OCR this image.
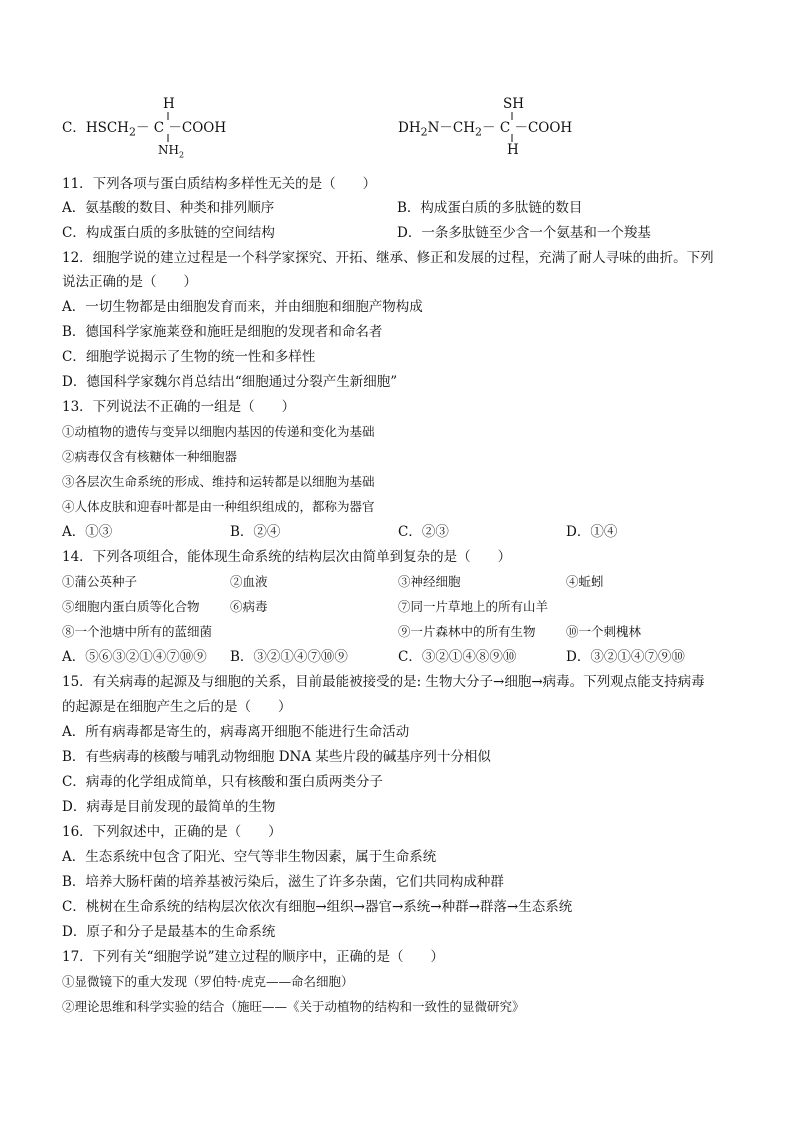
H
C．$HSCH_2- C$ －COOH
$NH_2$
SH
$DH_2N-CH_2- C$ －COOH
H
11．下列各项与蛋白质结构多样性无关的是（　　）
A．氨基酸的数目、种类和排列顺序	B．构成蛋白质的多肽链的数目
C．构成蛋白质的多肽链的空间结构	D．一条多肽链至少含一个氨基和一个羧基
12．细胞学说的建立过程是一个科学家探究、开拓、继承、修正和发展的过程，充满了耐人寻味的曲折。下列
说法正确的是（　　）
A．一切生物都是由细胞发育而来，并由细胞和细胞产物构成
B．德国科学家施莱登和施旺是细胞的发现者和命名者
C．细胞学说揭示了生物的统一性和多样性
D．德国科学家魏尔肖总结出“细胞通过分裂产生新细胞”
13．下列说法不正确的一组是（　　）
①动植物的遗传与变异以细胞内基因的传递和变化为基础
②病毒仅含有核糖体一种细胞器
③各层次生命系统的形成、维持和运转都是以细胞为基础
④人体皮肤和迎春叶都是由一种组织组成的，都称为器官
A．①③	B．②④	C．②③	D．①④
14．下列各项组合，能体现生命系统的结构层次由简单到复杂的是（　　）
①蒲公英种子	②血液	③神经细胞	④蚯蚓
⑤细胞内蛋白质等化合物 ⑥病毒	⑦同一片草地上的所有山羊
⑧一个池塘中所有的蓝细菌	⑨一片森林中的所有生物 ⑩一个刺槐林
A．⑤⑥③②①④⑦⑩⑨ B．③②①④⑦⑩⑨	C．③②①④⑧⑨⑩	D．③②①④⑦⑨⑩
15．有关病毒的起源及与细胞的关系，目前最能被接受的是: 生物大分子→细胞→病毒。下列观点能支持病毒
的起源是在细胞产生之后的是（　　）
A．所有病毒都是寄生的，病毒离开细胞不能进行生命活动
B．有些病毒的核酸与哺乳动物细胞 DNA 某些片段的碱基序列十分相似
C．病毒的化学组成简单，只有核酸和蛋白质两类分子
D．病毒是目前发现的最简单的生物
16．下列叙述中，正确的是（　　）
A．生态系统中包含了阳光、空气等非生物因素，属于生命系统
B．培养大肠杆菌的培养基被污染后，滋生了许多杂菌，它们共同构成种群
C．桃树在生命系统的结构层次依次有细胞→组织→器官→系统→种群→群落→生态系统
D．原子和分子是最基本的生命系统
17．下列有关“细胞学说”建立过程的顺序中，正确的是（　　）
①显微镜下的重大发现（罗伯特·虎克——命名细胞）
②理论思维和科学实验的结合（施旺——《关于动植物的结构和一致性的显微研究》
